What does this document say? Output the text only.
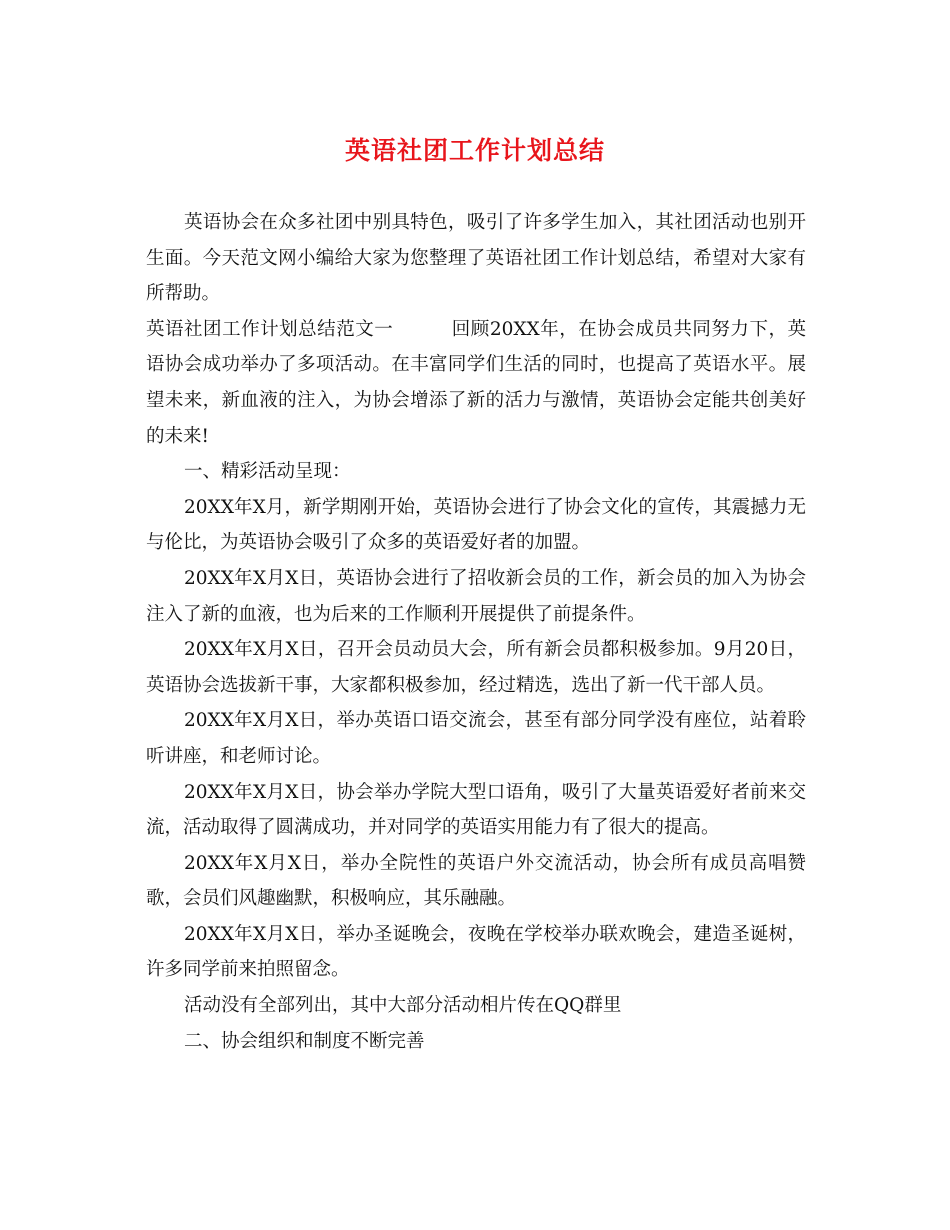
英语社团工作计划总结

英语协会在众多社团中别具特色，吸引了许多学生加入，其社团活动也别开生面。今天范文网小编给大家为您整理了英语社团工作计划总结，希望对大家有所帮助。

英语社团工作计划总结范文一	回顾20XX年，在协会成员共同努力下，英语协会成功举办了多项活动。在丰富同学们生活的同时，也提高了英语水平。展望未来，新血液的注入，为协会增添了新的活力与激情，英语协会定能共创美好的未来!

一、精彩活动呈现：

20XX年X月，新学期刚开始，英语协会进行了协会文化的宣传，其震撼力无与伦比，为英语协会吸引了众多的英语爱好者的加盟。

20XX年X月X日，英语协会进行了招收新会员的工作，新会员的加入为协会注入了新的血液，也为后来的工作顺利开展提供了前提条件。

20XX年X月X日，召开会员动员大会，所有新会员都积极参加。9月20日，英语协会选拔新干事，大家都积极参加，经过精选，选出了新一代干部人员。

20XX年X月X日，举办英语口语交流会，甚至有部分同学没有座位，站着聆听讲座，和老师讨论。

20XX年X月X日，协会举办学院大型口语角，吸引了大量英语爱好者前来交流，活动取得了圆满成功，并对同学的英语实用能力有了很大的提高。

20XX年X月X日，举办全院性的英语户外交流活动，协会所有成员高唱赞歌，会员们风趣幽默，积极响应，其乐融融。

20XX年X月X日，举办圣诞晚会，夜晚在学校举办联欢晚会，建造圣诞树，许多同学前来拍照留念。

活动没有全部列出，其中大部分活动相片传在QQ群里

二、协会组织和制度不断完善
